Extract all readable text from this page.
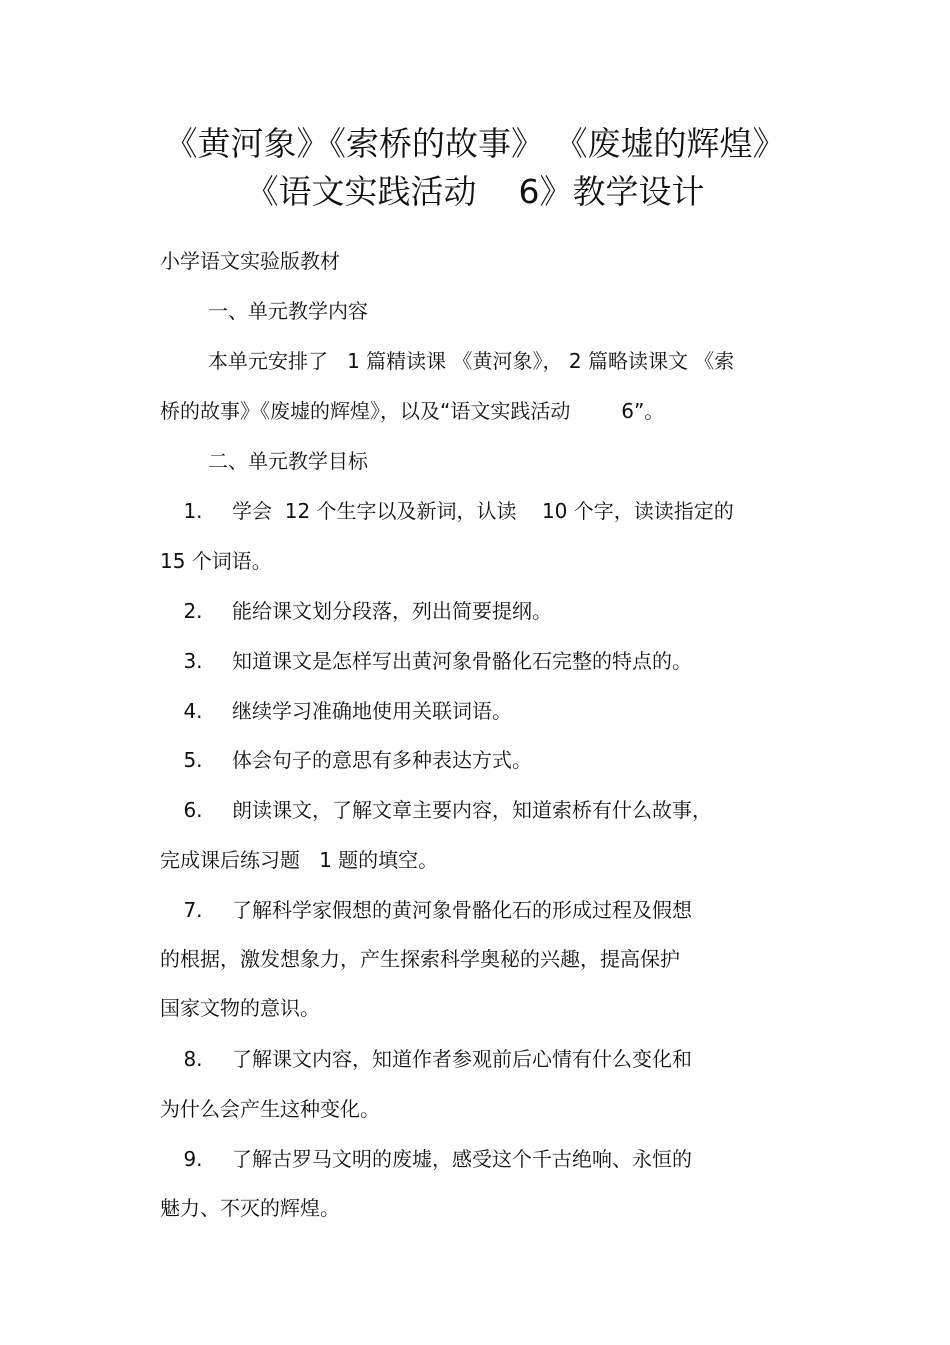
《黄河象》《索桥的故事》 《废墟的辉煌》
《语文实践活动    6》教学设计
小学语文实验版教材
一、单元教学内容
本单元安排了   1 篇精读课 《黄河象》， 2 篇略读课文 《索
桥的故事》《废墟的辉煌》，以及“语文实践活动        6”。
二、单元教学目标
1. 学会  12 个生字以及新词，认读    10 个字，读读指定的
15 个词语。
2. 能给课文划分段落，列出简要提纲。
3. 知道课文是怎样写出黄河象骨骼化石完整的特点的。
4. 继续学习准确地使用关联词语。
5. 体会句子的意思有多种表达方式。
6. 朗读课文，了解文章主要内容，知道索桥有什么故事，
完成课后练习题   1 题的填空。
7. 了解科学家假想的黄河象骨骼化石的形成过程及假想
的根据，激发想象力，产生探索科学奥秘的兴趣，提高保护
国家文物的意识。
8. 了解课文内容，知道作者参观前后心情有什么变化和
为什么会产生这种变化。
9. 了解古罗马文明的废墟，感受这个千古绝响、永恒的
魅力、不灭的辉煌。
